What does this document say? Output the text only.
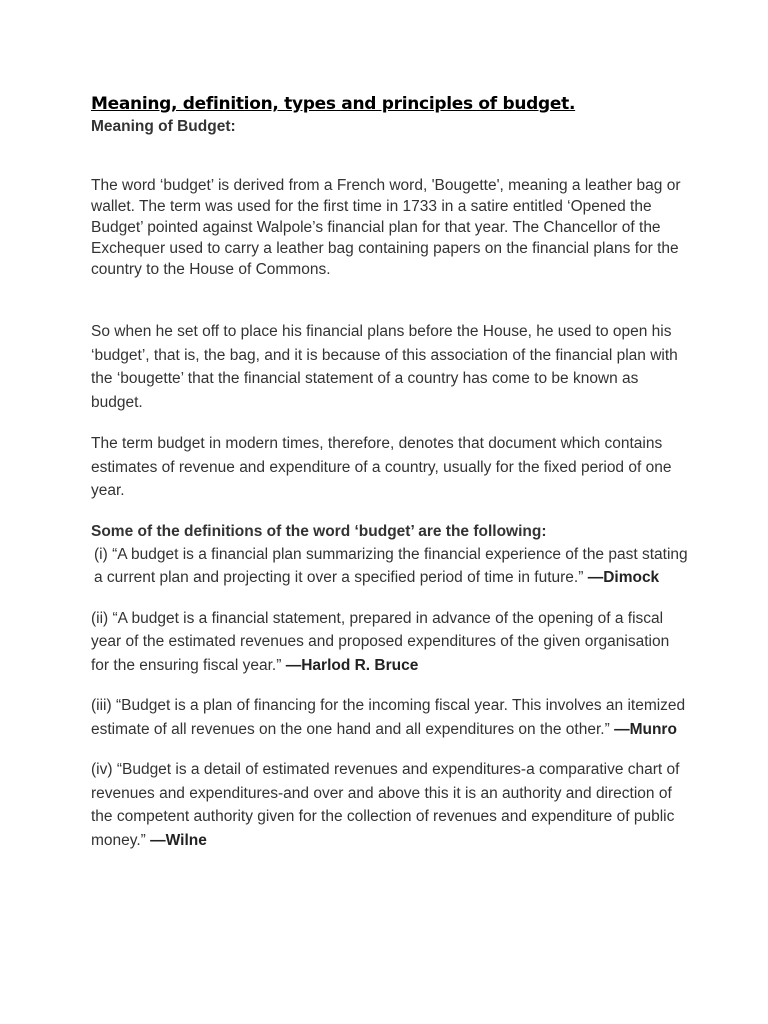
Meaning, definition, types and principles of budget.
Meaning of Budget:

The word ‘budget’ is derived from a French word, 'Bougette', meaning a leather bag or wallet. The term was used for the first time in 1733 in a satire entitled ‘Opened the Budget’ pointed against Walpole’s financial plan for that year. The Chancellor of the Exchequer used to carry a leather bag containing papers on the financial plans for the country to the House of Commons.

So when he set off to place his financial plans before the House, he used to open his ‘budget’, that is, the bag, and it is because of this association of the financial plan with the ‘bougette’ that the financial statement of a country has come to be known as budget.

The term budget in modern times, therefore, denotes that document which contains estimates of revenue and expenditure of a country, usually for the fixed period of one year.

Some of the definitions of the word ‘budget’ are the following:

(i) “A budget is a financial plan summarizing the financial experience of the past stating a current plan and projecting it over a specified period of time in future.” —Dimock

(ii) “A budget is a financial statement, prepared in advance of the opening of a fiscal year of the estimated revenues and proposed expenditures of the given organisation for the ensuring fiscal year.” —Harlod R. Bruce

(iii) “Budget is a plan of financing for the incoming fiscal year. This involves an itemized estimate of all revenues on the one hand and all expenditures on the other.” —Munro

(iv) “Budget is a detail of estimated revenues and expenditures-a comparative chart of revenues and expenditures-and over and above this it is an authority and direction of the competent authority given for the collection of revenues and expenditure of public money.” —Wilne
